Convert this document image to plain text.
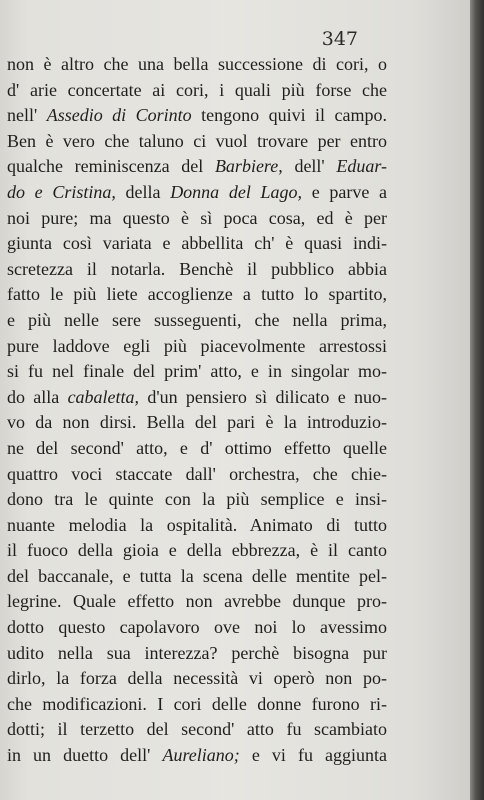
347

non è altro che una bella successione di cori, o

d' arie concertate ai cori, i quali più forse che

nell' Assedio di Corinto tengono quivi il campo.

Ben è vero che taluno ci vuol trovare per entro

qualche reminiscenza del Barbiere, dell' Eduar-

do e Cristina, della Donna del Lago, e parve a

noi pure; ma questo è sì poca cosa, ed è per

giunta così variata e abbellita ch' è quasi indi-

scretezza il notarla. Benchè il pubblico abbia

fatto le più liete accoglienze a tutto lo spartito,

e più nelle sere susseguenti, che nella prima,

pure laddove egli più piacevolmente arrestossi

si fu nel finale del prim' atto, e in singolar mo-

do alla cabaletta, d'un pensiero sì dilicato e nuo-

vo da non dirsi. Bella del pari è la introduzio-

ne del second' atto, e d' ottimo effetto quelle

quattro voci staccate dall' orchestra, che chie-

dono tra le quinte con la più semplice e insi-

nuante melodia la ospitalità. Animato di tutto

il fuoco della gioia e della ebbrezza, è il canto

del baccanale, e tutta la scena delle mentite pel-

legrine. Quale effetto non avrebbe dunque pro-

dotto questo capolavoro ove noi lo avessimo

udito nella sua interezza? perchè bisogna pur

dirlo, la forza della necessità vi operò non po-

che modificazioni. I cori delle donne furono ri-

dotti; il terzetto del second' atto fu scambiato

in un duetto dell' Aureliano; e vi fu aggiunta
